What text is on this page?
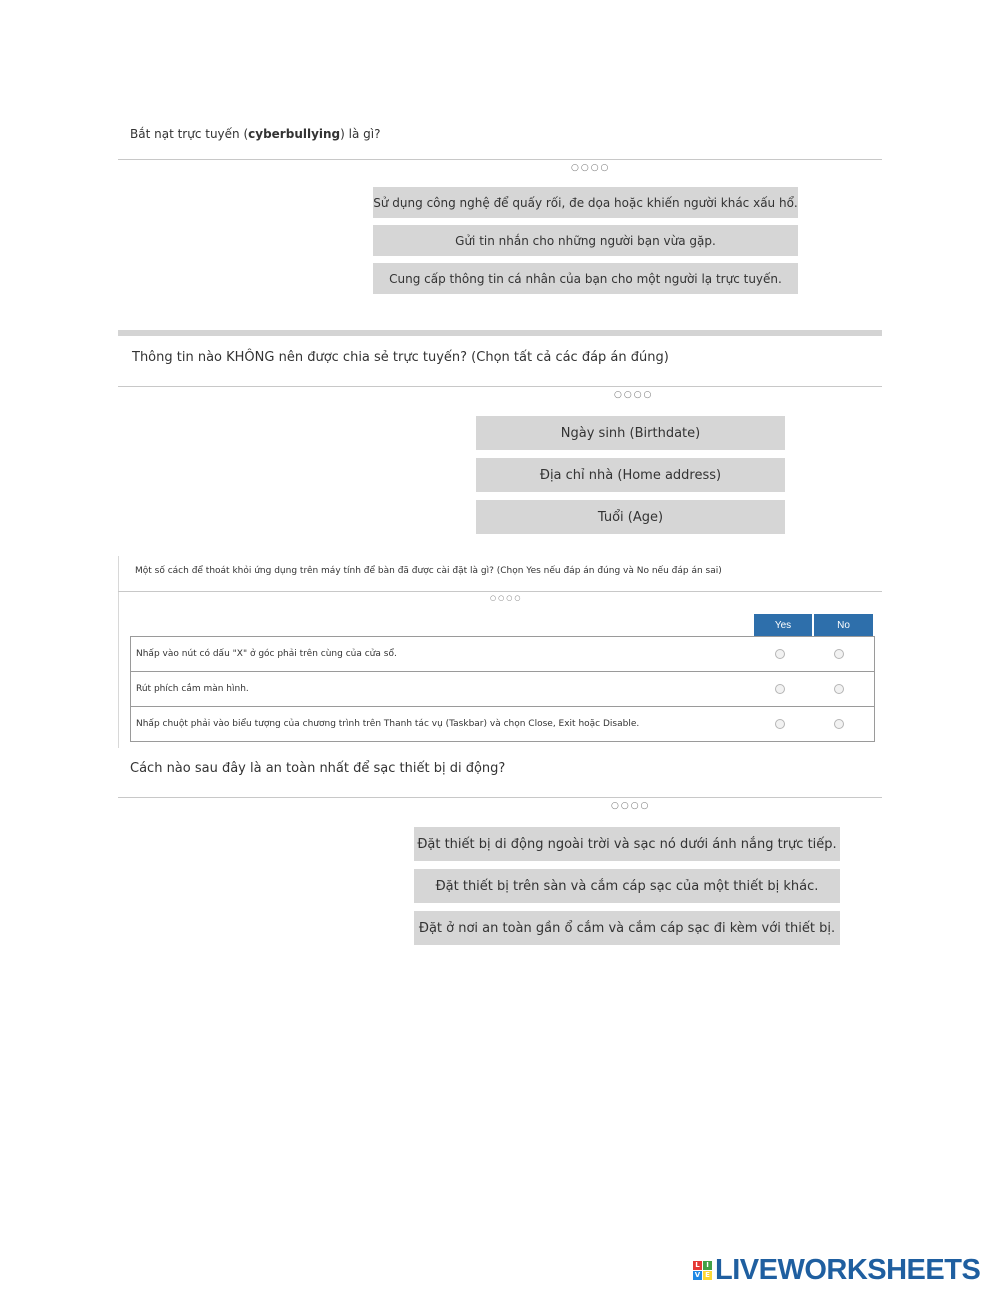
Bắt nạt trực tuyến (cyberbullying) là gì?
○○○○
Sử dụng công nghệ để quấy rối, đe dọa hoặc khiến người khác xấu hổ.
Gửi tin nhắn cho những người bạn vừa gặp.
Cung cấp thông tin cá nhân của bạn cho một người lạ trực tuyến.
Thông tin nào KHÔNG nên được chia sẻ trực tuyến? (Chọn tất cả các đáp án đúng)
○○○○
Ngày sinh (Birthdate)
Địa chỉ nhà (Home address)
Tuổi (Age)
Một số cách để thoát khỏi ứng dụng trên máy tính để bàn đã được cài đặt là gì? (Chọn Yes nếu đáp án đúng và No nếu đáp án sai)
○○○○
Yes	No
Nhấp vào nút có dấu "X" ở góc phải trên cùng của cửa sổ.
Rút phích cắm màn hình.
Nhấp chuột phải vào biểu tượng của chương trình trên Thanh tác vụ (Taskbar) và chọn Close, Exit hoặc Disable.
Cách nào sau đây là an toàn nhất để sạc thiết bị di động?
○○○○
Đặt thiết bị di động ngoài trời và sạc nó dưới ánh nắng trực tiếp.
Đặt thiết bị trên sàn và cắm cáp sạc của một thiết bị khác.
Đặt ở nơi an toàn gần ổ cắm và cắm cáp sạc đi kèm với thiết bị.
L I
V E LIVEWORKSHEETS
